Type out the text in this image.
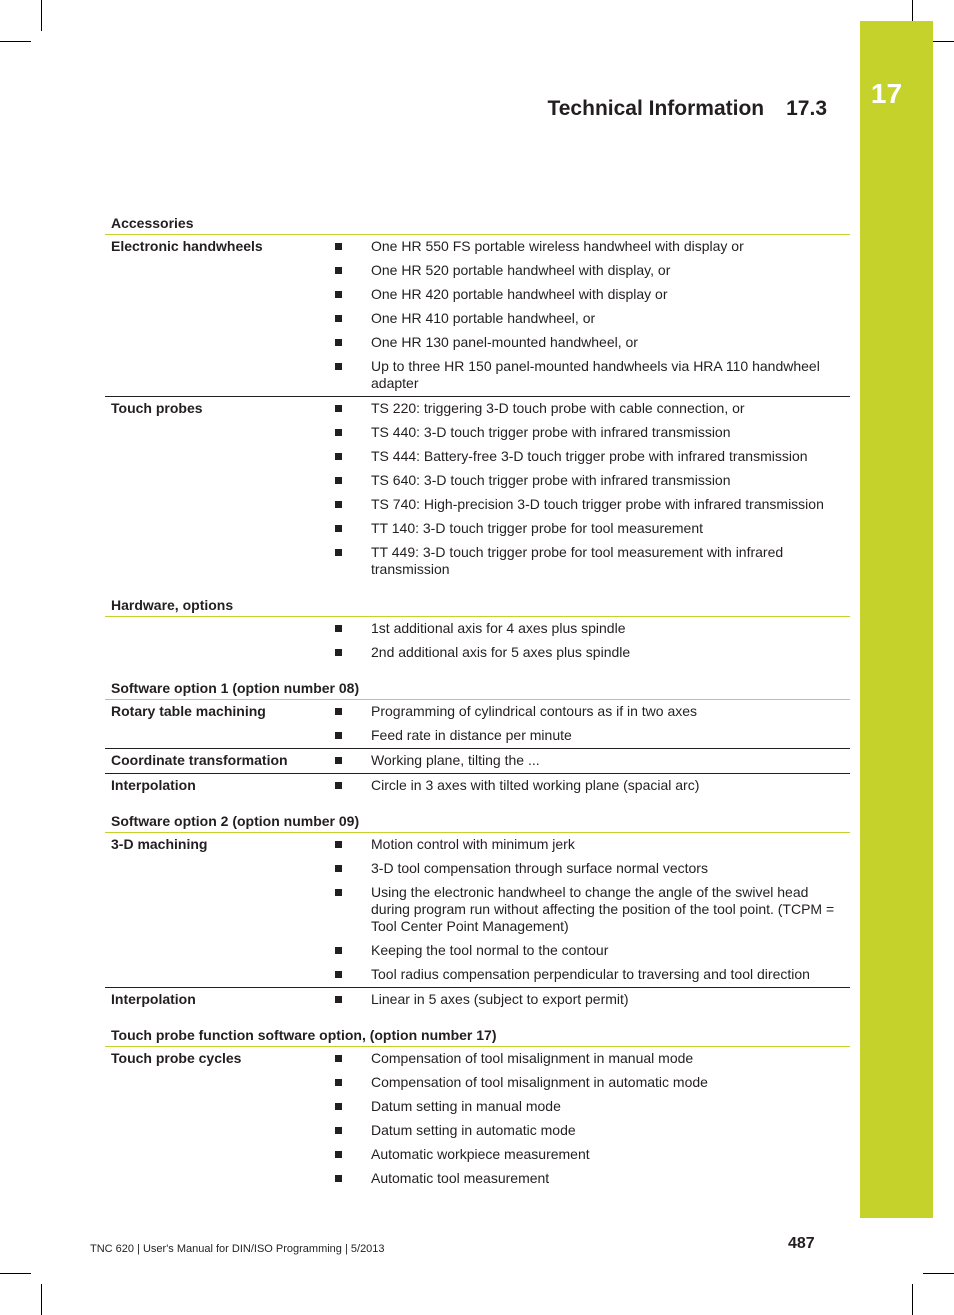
17
Technical Information 17.3
Accessories
Electronic handwheels	One HR 550 FS portable wireless handwheel with display or
One HR 520 portable handwheel with display, or
One HR 420 portable handwheel with display or
One HR 410 portable handwheel, or
One HR 130 panel-mounted handwheel, or
Up to three HR 150 panel-mounted handwheels via HRA 110 handwheel adapter
Touch probes	TS 220: triggering 3-D touch probe with cable connection, or
TS 440: 3-D touch trigger probe with infrared transmission
TS 444: Battery-free 3-D touch trigger probe with infrared transmission
TS 640: 3-D touch trigger probe with infrared transmission
TS 740: High-precision 3-D touch trigger probe with infrared transmission
TT 140: 3-D touch trigger probe for tool measurement
TT 449: 3-D touch trigger probe for tool measurement with infrared transmission
Hardware, options
1st additional axis for 4 axes plus spindle
2nd additional axis for 5 axes plus spindle
Software option 1 (option number 08)
Rotary table machining	Programming of cylindrical contours as if in two axes
Feed rate in distance per minute
Coordinate transformation	Working plane, tilting the ...
Interpolation	Circle in 3 axes with tilted working plane (spacial arc)
Software option 2 (option number 09)
3-D machining	Motion control with minimum jerk
3-D tool compensation through surface normal vectors
Using the electronic handwheel to change the angle of the swivel head during program run without affecting the position of the tool point. (TCPM = Tool Center Point Management)
Keeping the tool normal to the contour
Tool radius compensation perpendicular to traversing and tool direction
Interpolation	Linear in 5 axes (subject to export permit)
Touch probe function software option, (option number 17)
Touch probe cycles	Compensation of tool misalignment in manual mode
Compensation of tool misalignment in automatic mode
Datum setting in manual mode
Datum setting in automatic mode
Automatic workpiece measurement
Automatic tool measurement
TNC 620 | User's Manual for DIN/ISO Programming | 5/2013	487
